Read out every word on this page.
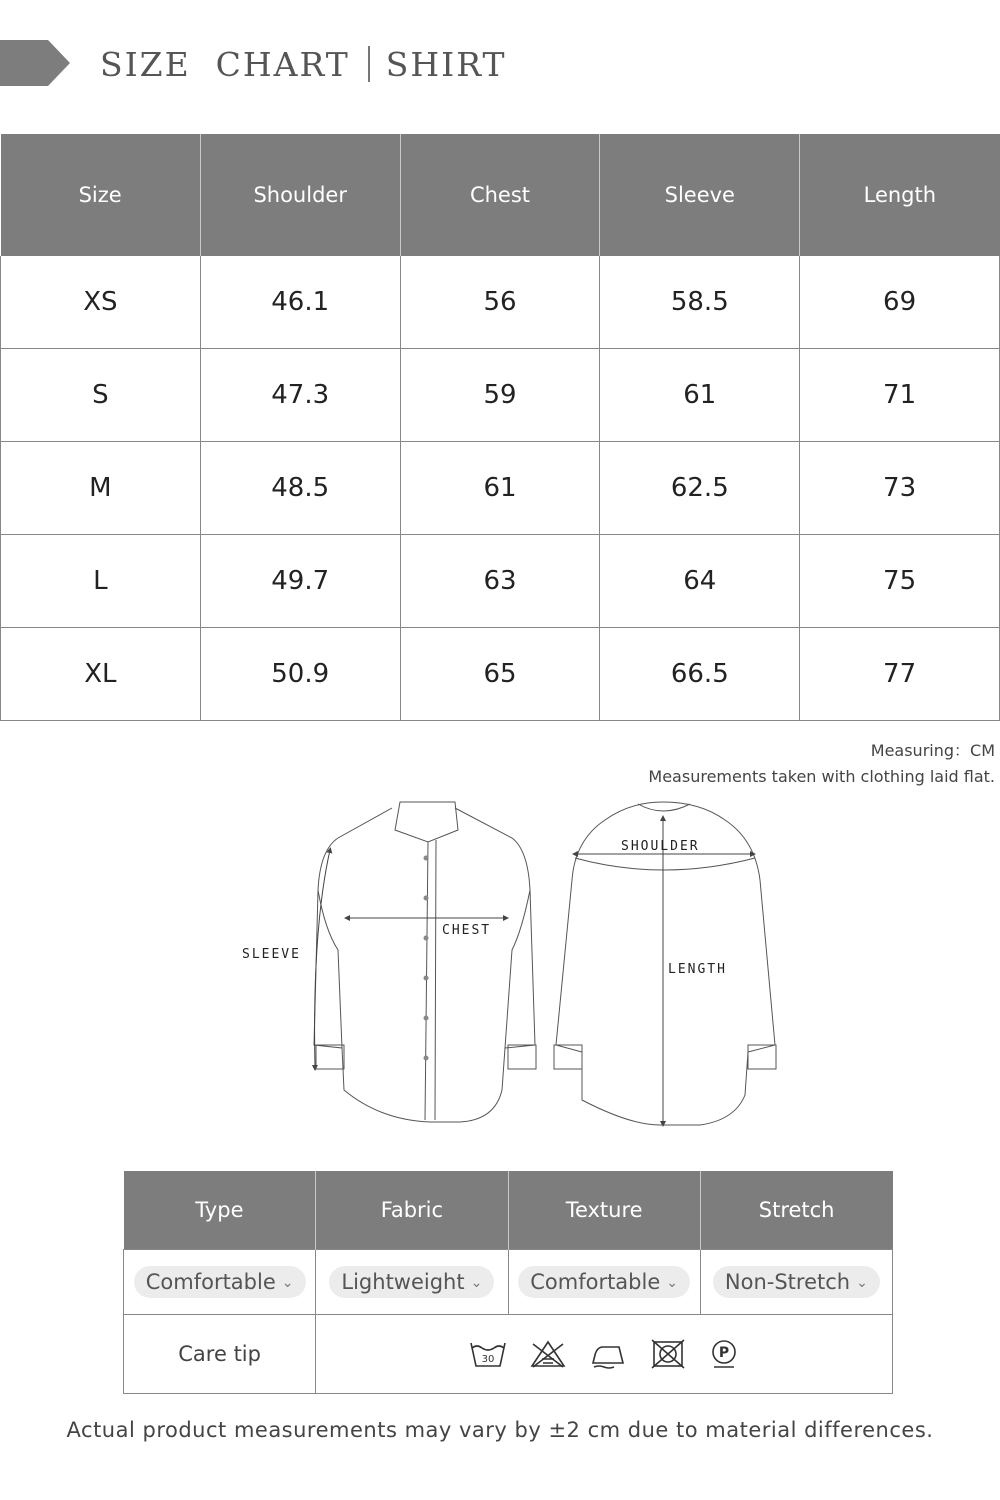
SIZE  CHART SHIRT
Size	Shoulder	Chest	Sleeve	Length
XS	46.1	56	58.5	69
S	47.3	59	61	71
M	48.5	61	62.5	73
L	49.7	63	64	75
XL	50.9	65	66.5	77
Measuring：CM
Measurements taken with clothing laid flat.
SLEEVE
CHEST
SHOULDER
LENGTH
Type	Fabric	Texture	Stretch
Comfortable ⌄	Lightweight ⌄	Comfortable ⌄	Non-Stretch ⌄
Care tip	30 P		
Actual product measurements may vary by ±2 cm due to material differences.
